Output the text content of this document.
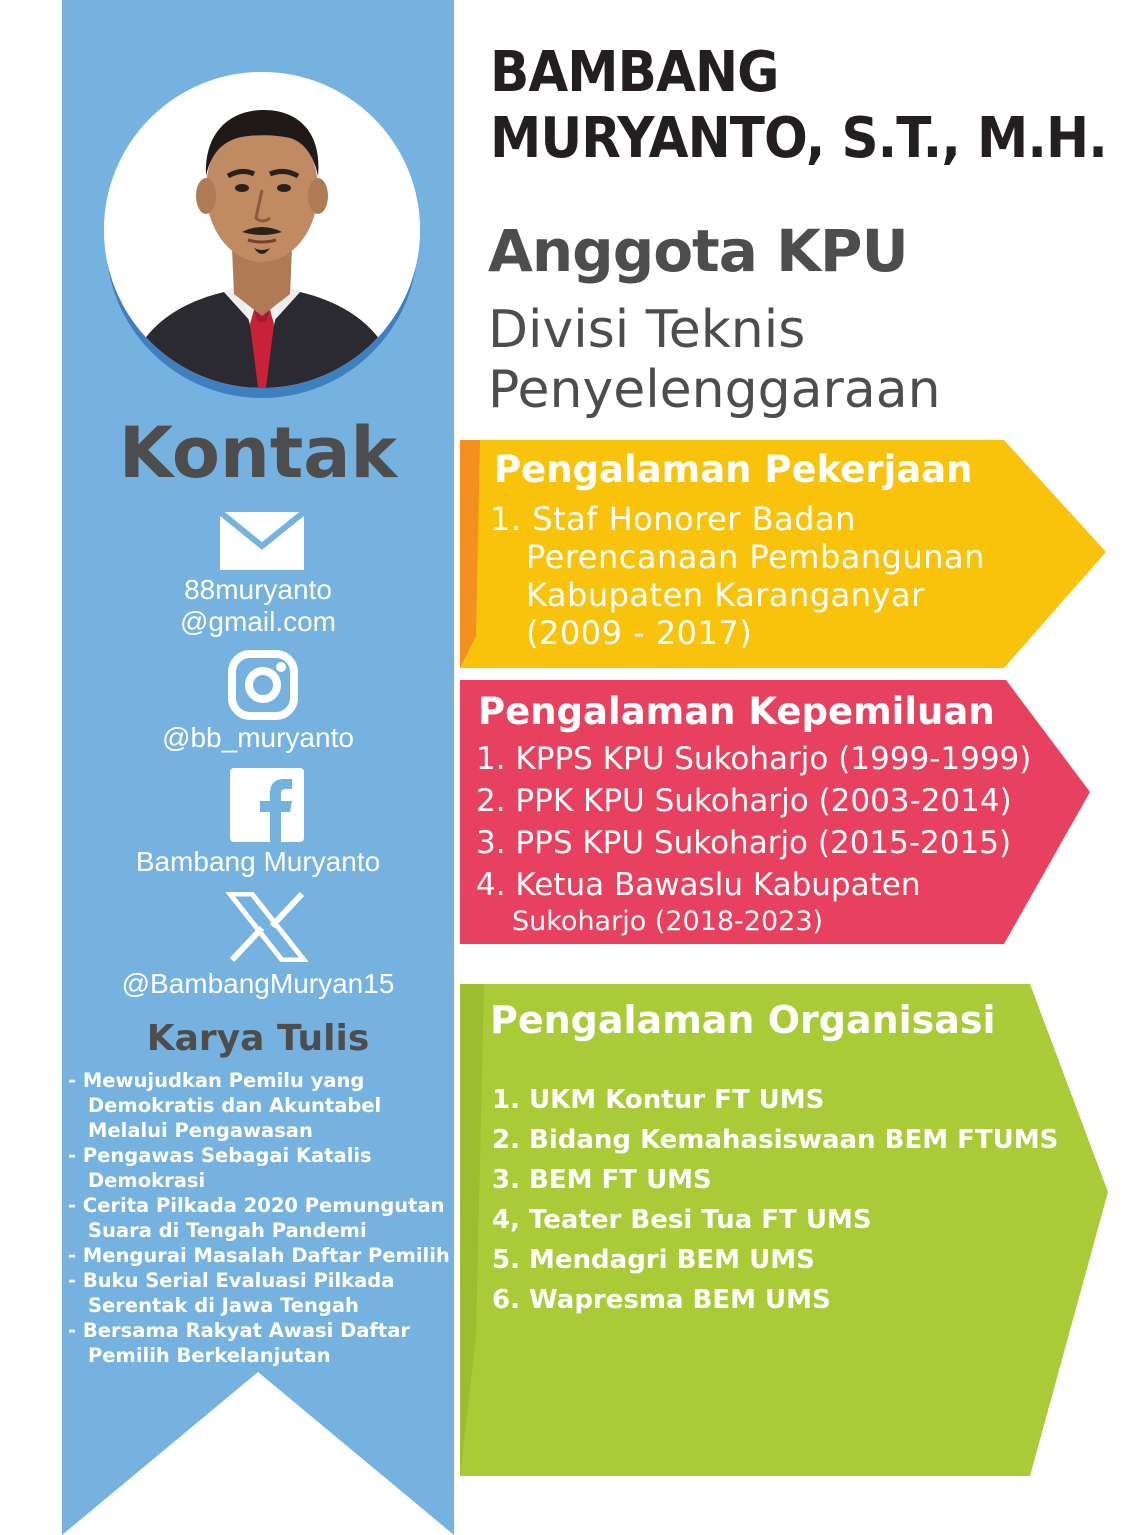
BAMBANG
MURYANTO, S.T., M.H.
Anggota KPU
Divisi Teknis
Penyelenggaraan
Kontak
88muryanto
@gmail.com
@bb_muryanto
Bambang Muryanto
@BambangMuryan15
Karya Tulis
- Mewujudkan Pemilu yang
Demokratis dan Akuntabel
Melalui Pengawasan
- Pengawas Sebagai Katalis
Demokrasi
- Cerita Pilkada 2020 Pemungutan
Suara di Tengah Pandemi
- Mengurai Masalah Daftar Pemilih
- Buku Serial Evaluasi Pilkada
Serentak di Jawa Tengah
- Bersama Rakyat Awasi Daftar
Pemilih Berkelanjutan
Pengalaman Pekerjaan
1. Staf Honorer Badan
Perencanaan Pembangunan
Kabupaten Karanganyar
(2009 - 2017)
Pengalaman Kepemiluan
1. KPPS KPU Sukoharjo (1999-1999)
2. PPK KPU Sukoharjo (2003-2014)
3. PPS KPU Sukoharjo (2015-2015)
4. Ketua Bawaslu Kabupaten
Sukoharjo (2018-2023)
Pengalaman Organisasi
1. UKM Kontur FT UMS
2. Bidang Kemahasiswaan BEM FTUMS
3. BEM FT UMS
4, Teater Besi Tua FT UMS
5. Mendagri BEM UMS
6. Wapresma BEM UMS
